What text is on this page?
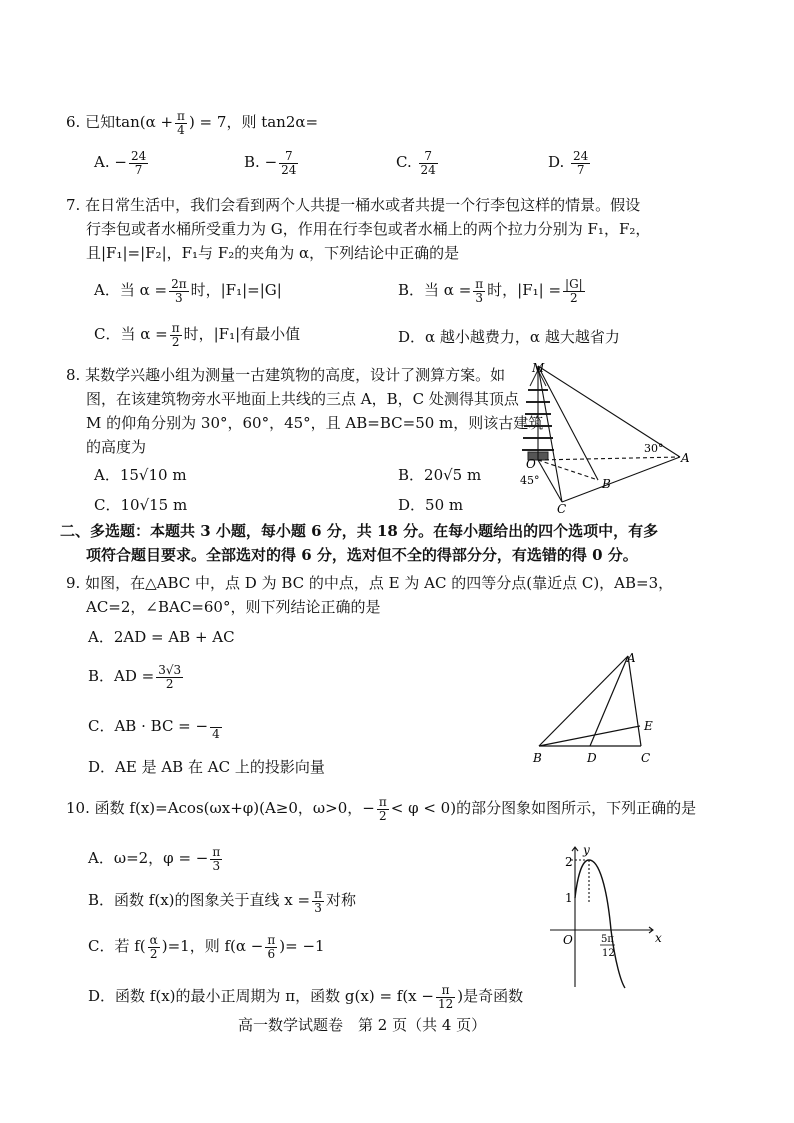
6. 已知$\tan(\alpha + \frac{\pi}{4}$ ) = 7，则 tan2α=
A. − $\frac{24}{7}$	B. − $\frac{7}{24}$	C. $\frac{7}{24}$	D. $\frac{24}{7}$
7. 在日常生活中，我们会看到两个人共提一桶水或者共提一个行李包这样的情景。假设
行李包或者水桶所受重力为 G，作用在行李包或者水桶上的两个拉力分别为 F₁，F₂，
且|F₁|=|F₂|，F₁与 F₂的夹角为 α，下列结论中正确的是
A．当 $\alpha = \frac{2\pi}{3}$ 时，|F₁|=|G|	B．当 $\alpha = \frac{\pi}{3}$ 时，$|F_1| = \frac{|G|}{2}$
C．当 $\alpha = \frac{\pi}{2}$ 时，|F₁|有最小值	D．α 越小越费力，α 越大越省力
8. 某数学兴趣小组为测量一古建筑物的高度，设计了测算方案。如
图，在该建筑物旁水平地面上共线的三点 A，B，C 处测得其顶点
M 的仰角分别为 30°，60°，45°，且 AB=BC=50 m，则该古建筑
的高度为
A．15√10 m	B．20√5 m
C．10√15 m	D．50 m
M
O	A
B
C
30°
45°
二、多选题：本题共 3 小题，每小题 6 分，共 18 分。在每小题给出的四个选项中，有多
项符合题目要求。全部选对的得 6 分，选对但不全的得部分分，有选错的得 0 分。
9. 如图，在△ABC 中，点 D 为 BC 的中点，点 E 为 AC 的四等分点(靠近点 C)，AB=3，
AC=2，∠BAC=60°，则下列结论正确的是
A．2AD = AB + AC
B．AD = $\frac{3√3}{2}$
C．AB · BC = −
4
D．AE 是 AB 在 AC 上的投影向量
A
B	D	C
E
10. 函数 f(x)=Acos(ωx+φ)(A≥0，ω>0，− $\frac{\pi}{2} < \varphi < 0$)的部分图象如图所示，下列正确的是
A．ω=2，φ = − $\frac{\pi}{3}$
B．函数 f(x)的图象关于直线 $x = \frac{\pi}{3}$ 对称
C．若 $f( \frac{\alpha}{2} )=1$，则 $f(\alpha - \frac{\pi}{6}$ )= −1
D．函数 f(x)的最小正周期为 π，函数 $g(x) = f(x - \frac{\pi}{12}$ )是奇函数
y
x
O
2
1
5π
12
高一数学试题卷　第 2 页（共 4 页）
